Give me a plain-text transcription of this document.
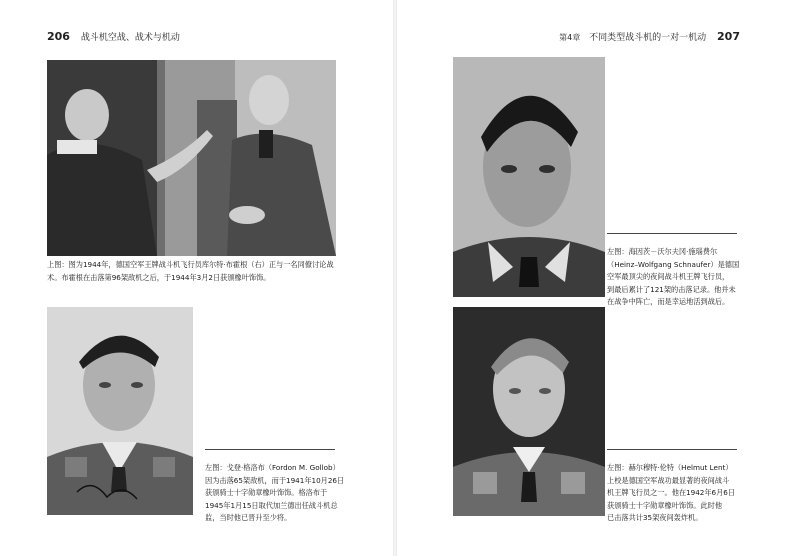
206 战斗机空战、战术与机动
上图：图为1944年，德国空军王牌战斗机飞行员库尔特·布霍根（右）正与一名同僚讨论战
术。布霍根在击落第96架敌机之后，于1944年3月2日获颁橡叶饰饰。
左图：戈登·格洛布（Fordon M. Gollob）
因为击落65架敌机，而于1941年10月26日
获颁骑士十字勋章橡叶饰饰。格洛布于
1945年1月15日取代加兰德出任战斗机总
监，当时他已晋升至少将。
第4章 不同类型战斗机的一对一机动 207
左图：海因茨－沃尔夫冈·施瑙费尔
（Heinz–Wolfgang Schnaufer）是德国
空军最顶尖的夜间战斗机王牌飞行员，
到最后累计了121架的击落记录。他并未
在战争中阵亡，而是幸运地活到战后。
左图：赫尔穆特·伦特（Helmut Lent）
上校是德国空军战功最显著的夜间战斗
机王牌飞行员之一。他在1942年6月6日
获颁骑士十字勋章橡叶饰饰。此时他
已击落共计35架夜间轰炸机。
